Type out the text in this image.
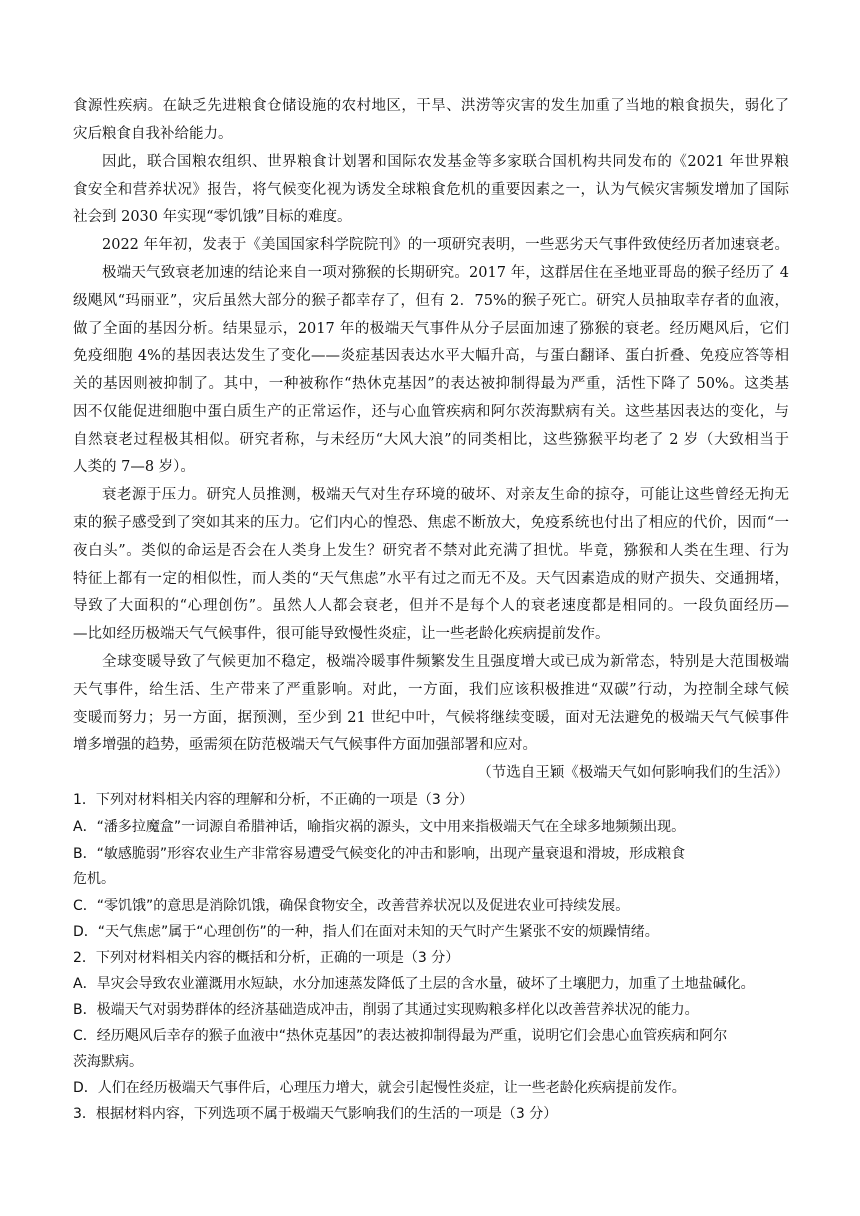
食源性疾病。在缺乏先进粮食仓储设施的农村地区，干旱、洪涝等灾害的发生加重了当地的粮食损失，弱化了
灾后粮食自我补给能力。
因此，联合国粮农组织、世界粮食计划署和国际农发基金等多家联合国机构共同发布的《2021 年世界粮
食安全和营养状况》报告，将气候变化视为诱发全球粮食危机的重要因素之一，认为气候灾害频发增加了国际
社会到 2030 年实现“零饥饿”目标的难度。
2022 年年初，发表于《美国国家科学院院刊》的一项研究表明，一些恶劣天气事件致使经历者加速衰老。
极端天气致衰老加速的结论来自一项对猕猴的长期研究。2017 年，这群居住在圣地亚哥岛的猴子经历了 4
级飓风“玛丽亚”，灾后虽然大部分的猴子都幸存了，但有 2．75%的猴子死亡。研究人员抽取幸存者的血液，
做了全面的基因分析。结果显示，2017 年的极端天气事件从分子层面加速了猕猴的衰老。经历飓风后，它们
免疫细胞 4%的基因表达发生了变化——炎症基因表达水平大幅升高，与蛋白翻译、蛋白折叠、免疫应答等相
关的基因则被抑制了。其中，一种被称作“热休克基因”的表达被抑制得最为严重，活性下降了 50%。这类基
因不仅能促进细胞中蛋白质生产的正常运作，还与心血管疾病和阿尔茨海默病有关。这些基因表达的变化，与
自然衰老过程极其相似。研究者称，与未经历“大风大浪”的同类相比，这些猕猴平均老了 2 岁（大致相当于
人类的 7—8 岁）。
衰老源于压力。研究人员推测，极端天气对生存环境的破坏、对亲友生命的掠夺，可能让这些曾经无拘无
束的猴子感受到了突如其来的压力。它们内心的惶恐、焦虑不断放大，免疫系统也付出了相应的代价，因而“一
夜白头”。类似的命运是否会在人类身上发生？研究者不禁对此充满了担忧。毕竟，猕猴和人类在生理、行为
特征上都有一定的相似性，而人类的“天气焦虑”水平有过之而无不及。天气因素造成的财产损失、交通拥堵，
导致了大面积的“心理创伤”。虽然人人都会衰老，但并不是每个人的衰老速度都是相同的。一段负面经历—
—比如经历极端天气气候事件，很可能导致慢性炎症，让一些老龄化疾病提前发作。
全球变暖导致了气候更加不稳定，极端冷暖事件频繁发生且强度增大或已成为新常态，特别是大范围极端
天气事件，给生活、生产带来了严重影响。对此，一方面，我们应该积极推进“双碳”行动，为控制全球气候
变暖而努力；另一方面，据预测，至少到 21 世纪中叶，气候将继续变暖，面对无法避免的极端天气气候事件
增多增强的趋势，亟需须在防范极端天气气候事件方面加强部署和应对。
（节选自王颖《极端天气如何影响我们的生活》）
1．下列对材料相关内容的理解和分析，不正确的一项是（3 分）
A．“潘多拉魔盒”一词源自希腊神话，喻指灾祸的源头，文中用来指极端天气在全球多地频频出现。
B．“敏感脆弱”形容农业生产非常容易遭受气候变化的冲击和影响，出现产量衰退和滑坡，形成粮食
危机。
C．“零饥饿”的意思是消除饥饿，确保食物安全，改善营养状况以及促进农业可持续发展。
D．“天气焦虑”属于“心理创伤”的一种，指人们在面对未知的天气时产生紧张不安的烦躁情绪。
2．下列对材料相关内容的概括和分析，正确的一项是（3 分）
A．旱灾会导致农业灌溉用水短缺，水分加速蒸发降低了土层的含水量，破坏了土壤肥力，加重了土地盐碱化。
B．极端天气对弱势群体的经济基础造成冲击，削弱了其通过实现购粮多样化以改善营养状况的能力。
C．经历飓风后幸存的猴子血液中“热休克基因”的表达被抑制得最为严重，说明它们会患心血管疾病和阿尔
茨海默病。
D．人们在经历极端天气事件后，心理压力增大，就会引起慢性炎症，让一些老龄化疾病提前发作。
3．根据材料内容，下列选项不属于极端天气影响我们的生活的一项是（3 分）
